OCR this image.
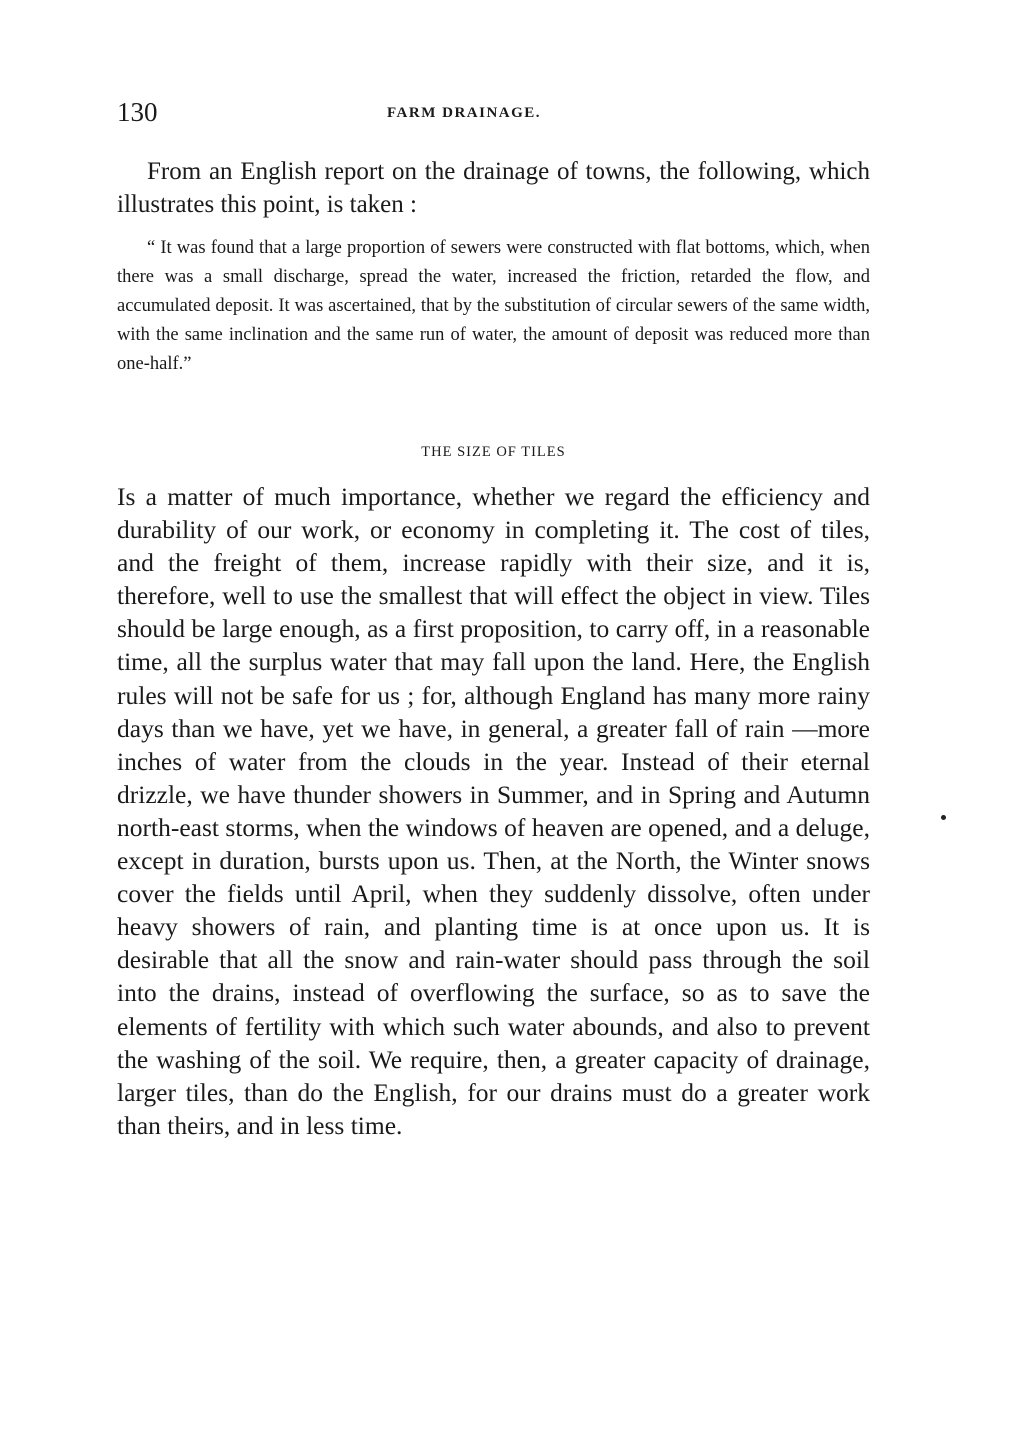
130	FARM DRAINAGE.

From an English report on the drainage of towns, the following, which illustrates this point, is taken :

“ It was found that a large proportion of sewers were constructed with flat bottoms, which, when there was a small discharge, spread the water, increased the friction, retarded the flow, and accumulated deposit. It was ascertained, that by the substitution of circular sewers of the same width, with the same inclination and the same run of water, the amount of deposit was reduced more than one-half.”

THE SIZE OF TILES

Is a matter of much importance, whether we regard the efficiency and durability of our work, or economy in completing it. The cost of tiles, and the freight of them, increase rapidly with their size, and it is, therefore, well to use the smallest that will effect the object in view. Tiles should be large enough, as a first proposition, to carry off, in a reasonable time, all the surplus water that may fall upon the land. Here, the English rules will not be safe for us ; for, although England has many more rainy days than we have, yet we have, in general, a greater fall of rain —more inches of water from the clouds in the year. Instead of their eternal drizzle, we have thunder showers in Summer, and in Spring and Autumn north-east storms, when the windows of heaven are opened, and a deluge, except in duration, bursts upon us. Then, at the North, the Winter snows cover the fields until April, when they suddenly dissolve, often under heavy showers of rain, and planting time is at once upon us. It is desirable that all the snow and rain-water should pass through the soil into the drains, instead of overflowing the surface, so as to save the elements of fertility with which such water abounds, and also to prevent the washing of the soil. We require, then, a greater capacity of drainage, larger tiles, than do the English, for our drains must do a greater work than theirs, and in less time.
